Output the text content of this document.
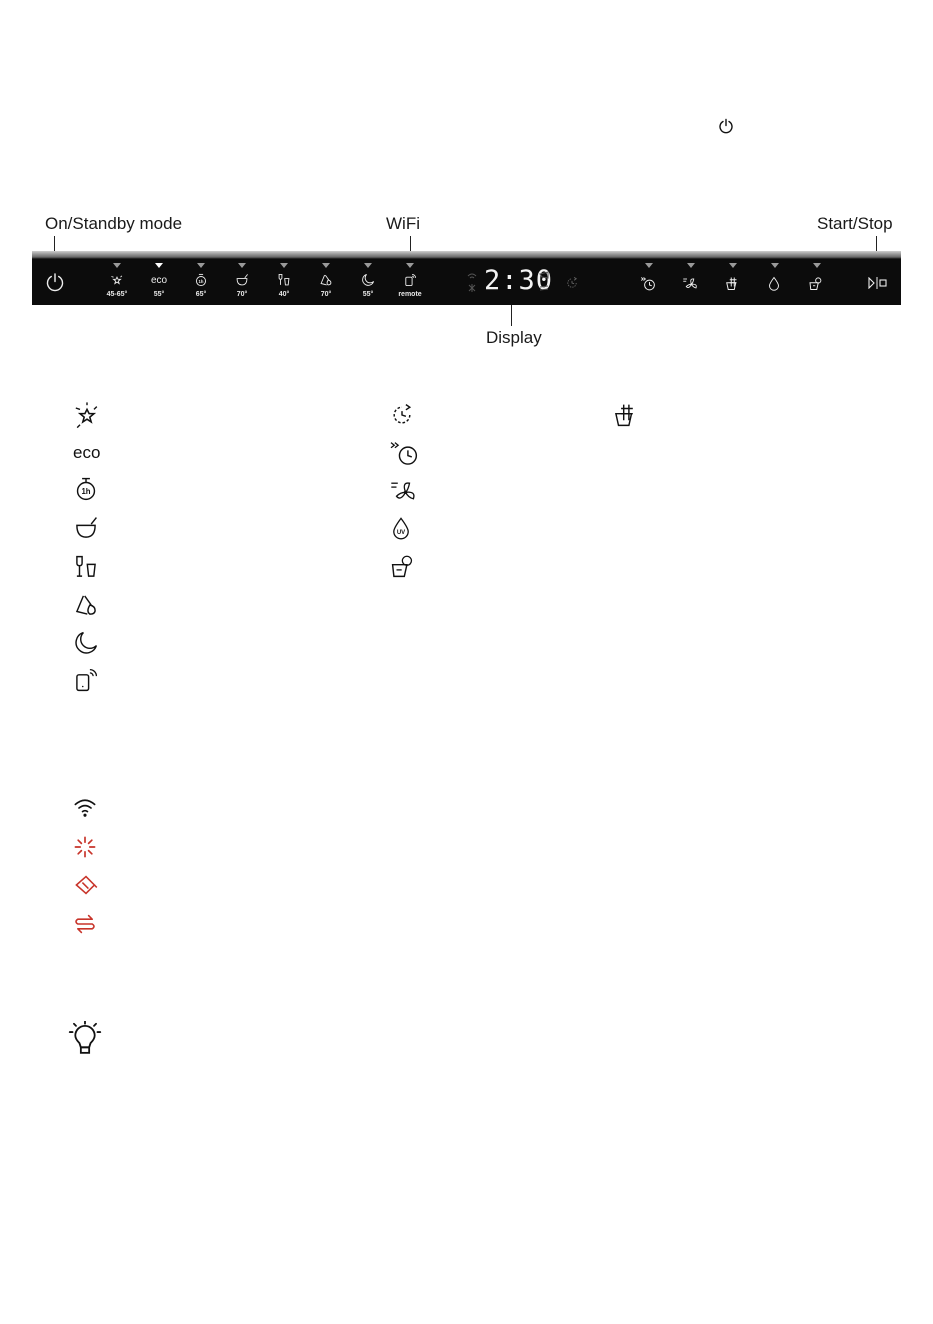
On/Standby mode	WiFi	Start/Stop
Display
45-65°
eco
55°
1h
65°	70°	40°	70°	55°	remote 2:30
eco
1h
UV
